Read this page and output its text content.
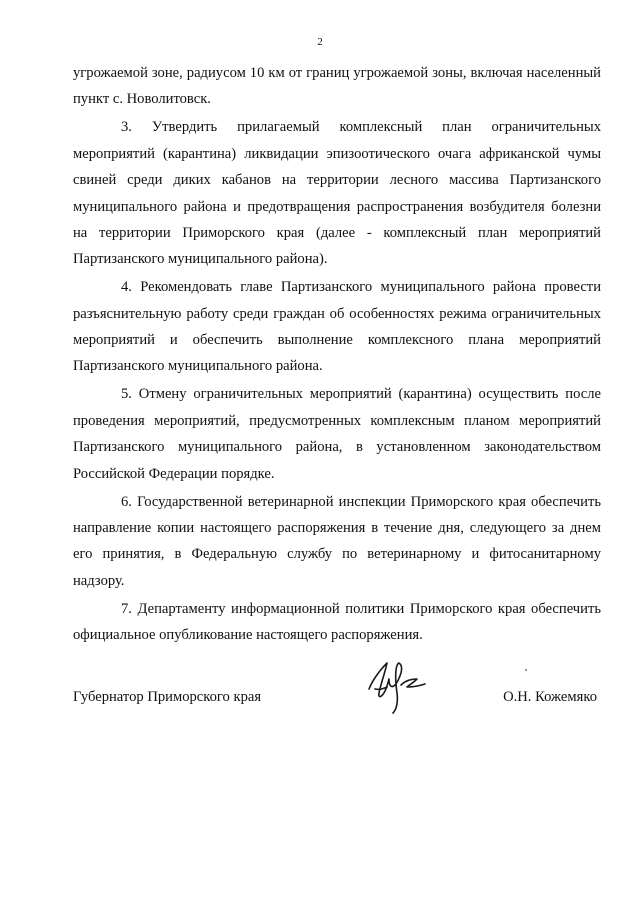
2

угрожаемой зоне, радиусом 10 км от границ угрожаемой зоны, включая населенный пункт с. Новолитовск.

3. Утвердить прилагаемый комплексный план ограничительных мероприятий (карантина) ликвидации эпизоотического очага африканской чумы свиней среди диких кабанов на территории лесного массива Партизанского муниципального района и предотвращения распространения возбудителя болезни на территории Приморского края (далее - комплексный план мероприятий Партизанского муниципального района).

4. Рекомендовать главе Партизанского муниципального района провести разъяснительную работу среди граждан об особенностях режима ограничительных мероприятий и обеспечить выполнение комплексного плана мероприятий Партизанского муниципального района.

5. Отмену ограничительных мероприятий (карантина) осуществить после проведения мероприятий, предусмотренных комплексным планом мероприятий Партизанского муниципального района, в установленном законодательством Российской Федерации порядке.

6. Государственной ветеринарной инспекции Приморского края обеспечить направление копии настоящего распоряжения в течение дня, следующего за днем его принятия, в Федеральную службу по ветеринарному и фитосанитарному надзору.

7. Департаменту информационной политики Приморского края обеспечить официальное опубликование настоящего распоряжения.

Губернатор Приморского края	О.Н. Кожемяко
